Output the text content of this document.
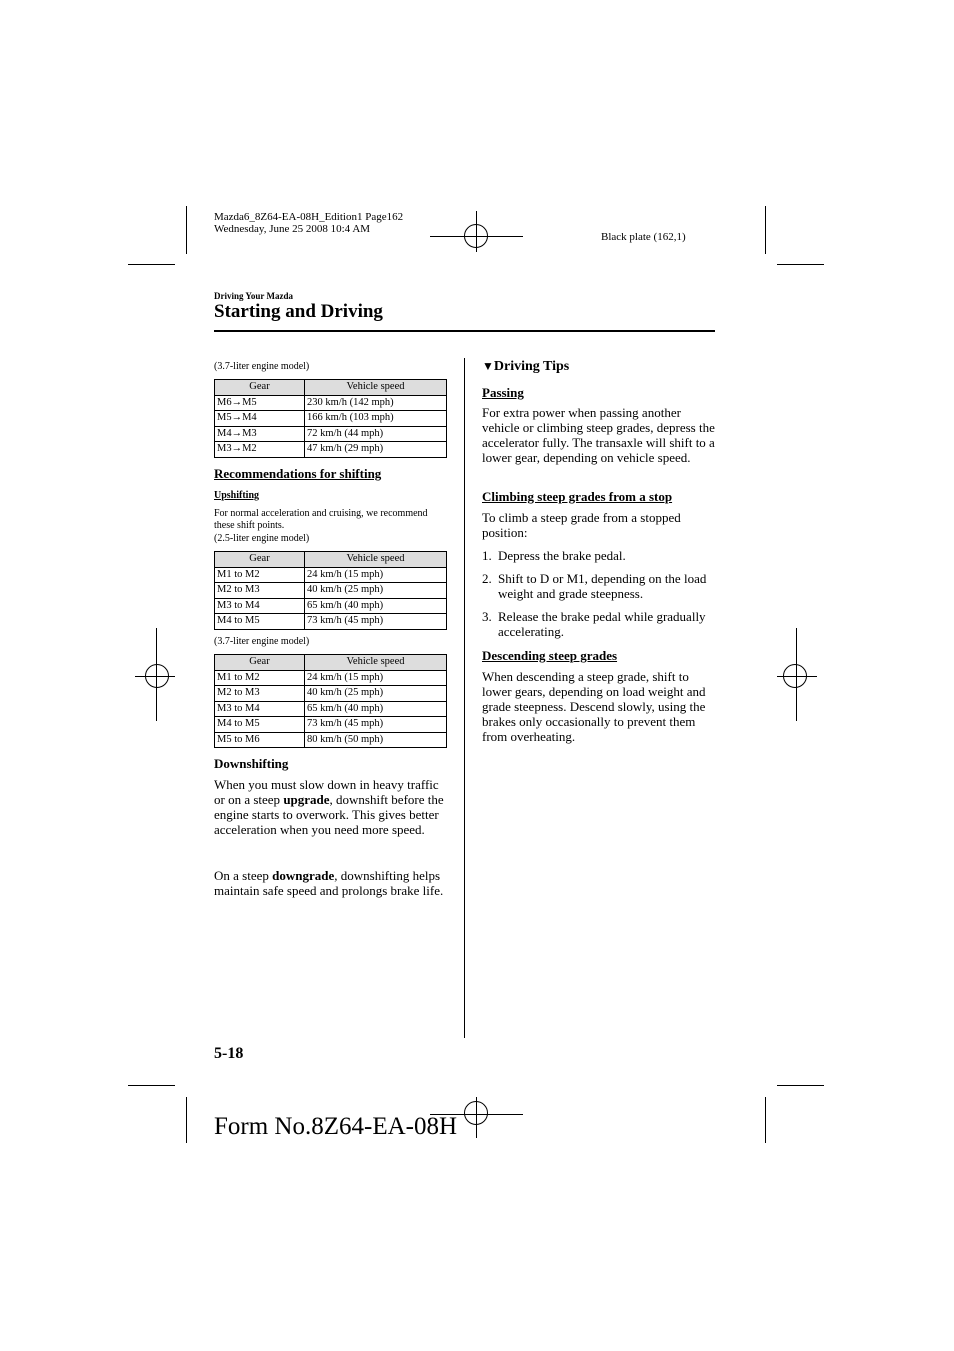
Mazda6_8Z64-EA-08H_Edition1 Page162
Wednesday, June 25 2008 10:4 AM
Black plate (162,1)
Driving Your Mazda
Starting and Driving
(3.7-liter engine model)
Gear	Vehicle speed
M6→M5	230 km/h (142 mph)
M5→M4	166 km/h (103 mph)
M4→M3	72 km/h (44 mph)
M3→M2	47 km/h (29 mph)
Recommendations for shifting
Upshifting
For normal acceleration and cruising, we recommend these shift points.
(2.5-liter engine model)
Gear	Vehicle speed
M1 to M2	24 km/h (15 mph)
M2 to M3	40 km/h (25 mph)
M3 to M4	65 km/h (40 mph)
M4 to M5	73 km/h (45 mph)
(3.7-liter engine model)
Gear	Vehicle speed
M1 to M2	24 km/h (15 mph)
M2 to M3	40 km/h (25 mph)
M3 to M4	65 km/h (40 mph)
M4 to M5	73 km/h (45 mph)
M5 to M6	80 km/h (50 mph)
Downshifting
When you must slow down in heavy traffic or on a steep upgrade, downshift before the engine starts to overwork. This gives better acceleration when you need more speed.
On a steep downgrade, downshifting helps maintain safe speed and prolongs brake life.
▼Driving Tips
Passing
For extra power when passing another vehicle or climbing steep grades, depress the accelerator fully. The transaxle will shift to a lower gear, depending on vehicle speed.
Climbing steep grades from a stop
To climb a steep grade from a stopped position:
1. Depress the brake pedal.
2. Shift to D or M1, depending on the load weight and grade steepness.
3. Release the brake pedal while gradually accelerating.
Descending steep grades
When descending a steep grade, shift to lower gears, depending on load weight and grade steepness. Descend slowly, using the brakes only occasionally to prevent them from overheating.
5-18
Form No.8Z64-EA-08H
